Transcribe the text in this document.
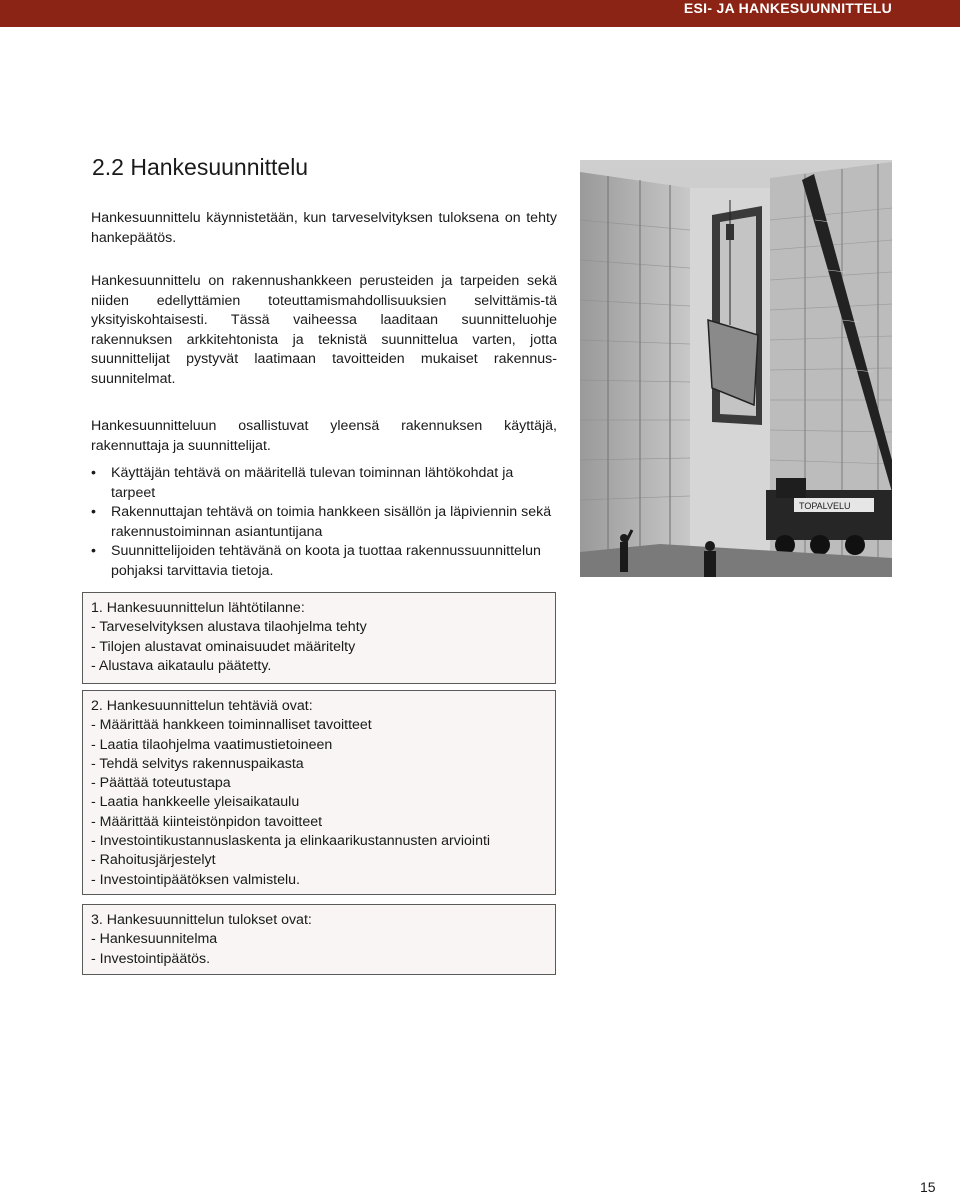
ESI- JA HANKESUUNNITTELU
2.2 Hankesuunnittelu

Hankesuunnittelu käynnistetään, kun tarveselvityksen tuloksena on tehty hankepäätös.

Hankesuunnittelu on rakennushankkeen perusteiden ja tarpeiden sekä niiden edellyttämien toteuttamismahdollisuuksien selvittämis-tä yksityiskohtaisesti. Tässä vaiheessa laaditaan suunnitteluohje rakennuksen arkkitehtonista ja teknistä suunnittelua varten, jotta suunnittelijat pystyvät laatimaan tavoitteiden mukaiset rakennus-suunnitelmat.

Hankesuunnitteluun osallistuvat yleensä rakennuksen käyttäjä, rakennuttaja ja suunnittelijat.

• Käyttäjän tehtävä on määritellä tulevan toiminnan lähtökohdat ja tarpeet
• Rakennuttajan tehtävä on toimia hankkeen sisällön ja läpiviennin sekä rakennustoiminnan asiantuntijana
• Suunnittelijoiden tehtävänä on koota ja tuottaa rakennussuunnittelun pohjaksi tarvittavia tietoja.
TOPALVELU
1. Hankesuunnittelun lähtötilanne:
- Tarveselvityksen alustava tilaohjelma tehty
- Tilojen alustavat ominaisuudet määritelty
- Alustava aikataulu päätetty.
2. Hankesuunnittelun tehtäviä ovat:
- Määrittää hankkeen toiminnalliset tavoitteet
- Laatia tilaohjelma vaatimustietoineen
- Tehdä selvitys rakennuspaikasta
- Päättää toteutustapa
- Laatia hankkeelle yleisaikataulu
- Määrittää kiinteistönpidon tavoitteet
- Investointikustannuslaskenta ja elinkaarikustannusten arviointi
- Rahoitusjärjestelyt
- Investointipäätöksen valmistelu.
3. Hankesuunnittelun tulokset ovat:
- Hankesuunnitelma
- Investointipäätös.
15
